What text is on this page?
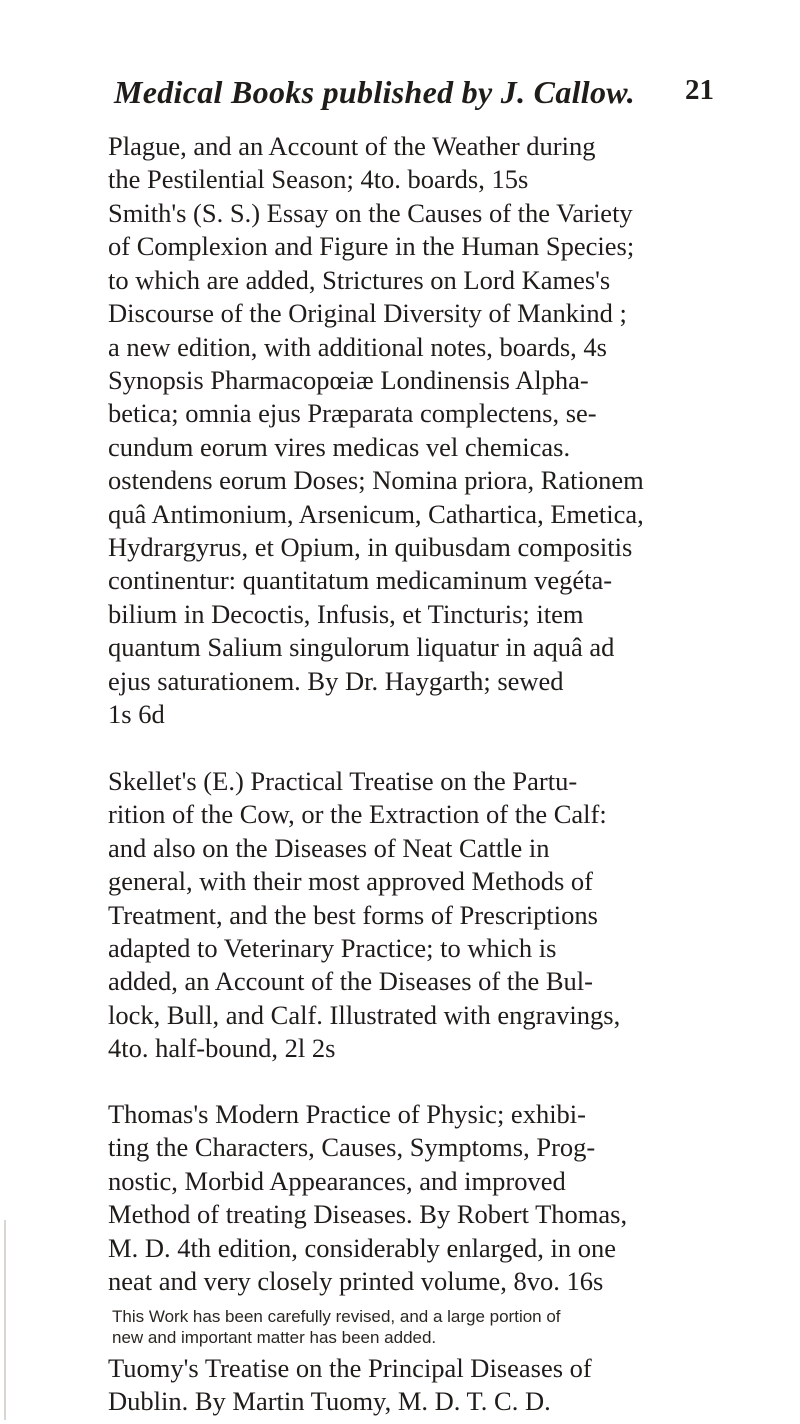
Medical Books published by J. Callow. 21
Plague, and an Account of the Weather during
the Pestilential Season; 4to. boards, 15s
Smith's (S. S.) Essay on the Causes of the Variety
of Complexion and Figure in the Human Species;
to which are added, Strictures on Lord Kames's
Discourse of the Original Diversity of Mankind ;
a new edition, with additional notes, boards, 4s
Synopsis Pharmacopœiæ Londinensis Alpha-
betica; omnia ejus Præparata complectens, se-
cundum eorum vires medicas vel chemicas.
ostendens eorum Doses; Nomina priora, Rationem
quâ Antimonium, Arsenicum, Cathartica, Emetica,
Hydrargyrus, et Opium, in quibusdam compositis
continentur: quantitatum medicaminum vegéta-
bilium in Decoctis, Infusis, et Tincturis; item
quantum Salium singulorum liquatur in aquâ ad
ejus saturationem. By Dr. Haygarth; sewed
1s 6d
Skellet's (E.) Practical Treatise on the Partu-
rition of the Cow, or the Extraction of the Calf:
and also on the Diseases of Neat Cattle in
general, with their most approved Methods of
Treatment, and the best forms of Prescriptions
adapted to Veterinary Practice; to which is
added, an Account of the Diseases of the Bul-
lock, Bull, and Calf. Illustrated with engravings,
4to. half-bound, 2l 2s
Thomas's Modern Practice of Physic; exhibi-
ting the Characters, Causes, Symptoms, Prog-
nostic, Morbid Appearances, and improved
Method of treating Diseases. By Robert Thomas,
M. D. 4th edition, considerably enlarged, in one
neat and very closely printed volume, 8vo. 16s
This Work has been carefully revised, and a large portion of
new and important matter has been added.
Tuomy's Treatise on the Principal Diseases of
Dublin. By Martin Tuomy, M. D. T. C. D.
